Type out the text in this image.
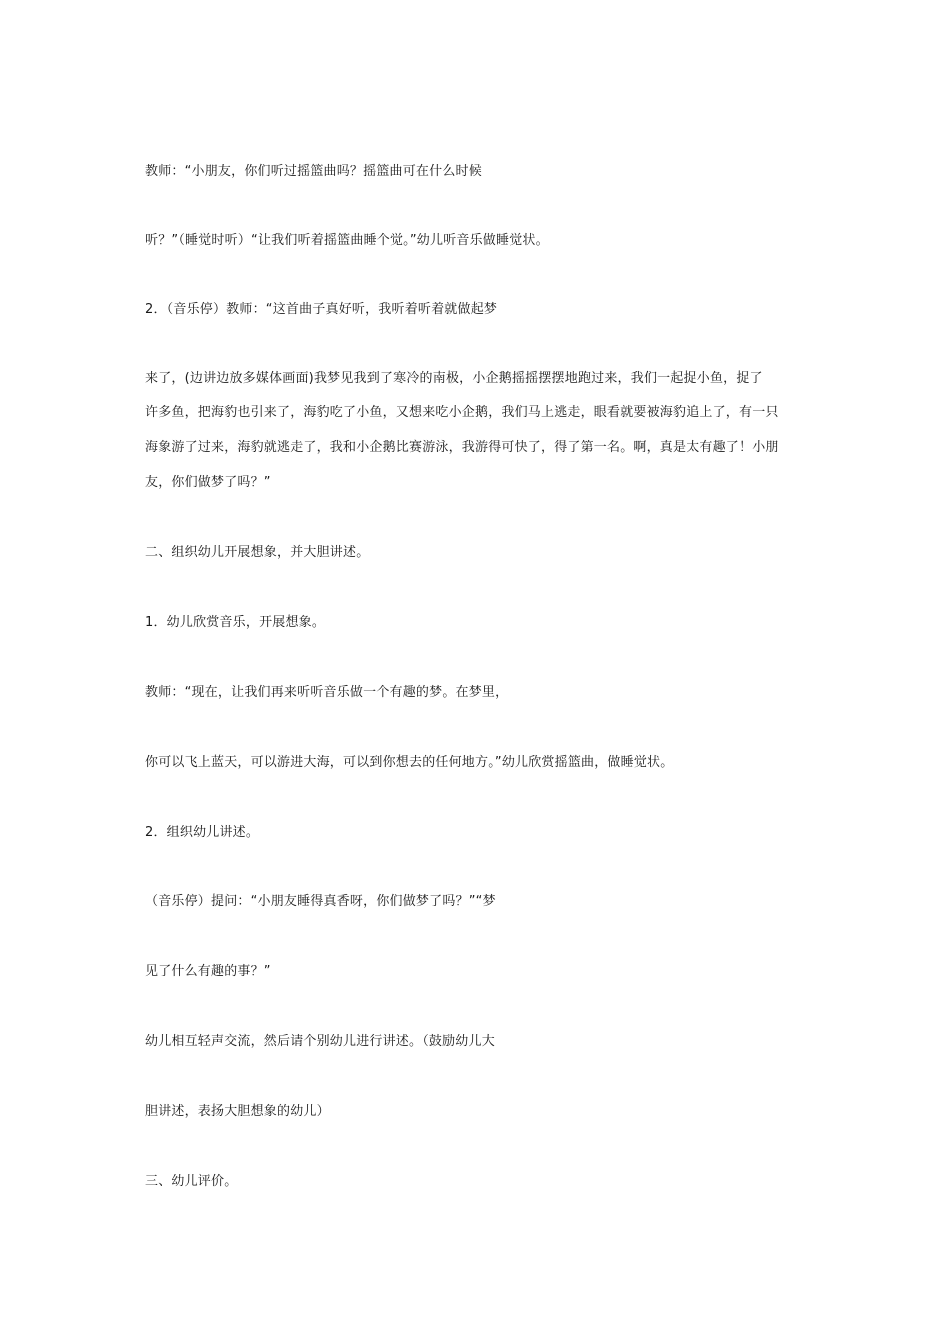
教师：“小朋友，你们听过摇篮曲吗？摇篮曲可在什么时候
听？”（睡觉时听）“让我们听着摇篮曲睡个觉。”幼儿听音乐做睡觉状。
2．（音乐停）教师：“这首曲子真好听，我听着听着就做起梦
来了，(边讲边放多媒体画面)我梦见我到了寒冷的南极，小企鹅摇摇摆摆地跑过来，我们一起捉小鱼，捉了
许多鱼，把海豹也引来了，海豹吃了小鱼，又想来吃小企鹅，我们马上逃走，眼看就要被海豹追上了，有一只
海象游了过来，海豹就逃走了，我和小企鹅比赛游泳，我游得可快了，得了第一名。啊，真是太有趣了！小朋
友，你们做梦了吗？”
二、组织幼儿开展想象，并大胆讲述。
1．幼儿欣赏音乐，开展想象。
教师：“现在，让我们再来听听音乐做一个有趣的梦。在梦里，
你可以飞上蓝天，可以游进大海，可以到你想去的任何地方。”幼儿欣赏摇篮曲，做睡觉状。
2．组织幼儿讲述。
（音乐停）提问：“小朋友睡得真香呀，你们做梦了吗？”“梦
见了什么有趣的事？”
幼儿相互轻声交流，然后请个别幼儿进行讲述。（鼓励幼儿大
胆讲述，表扬大胆想象的幼儿）
三、幼儿评价。
